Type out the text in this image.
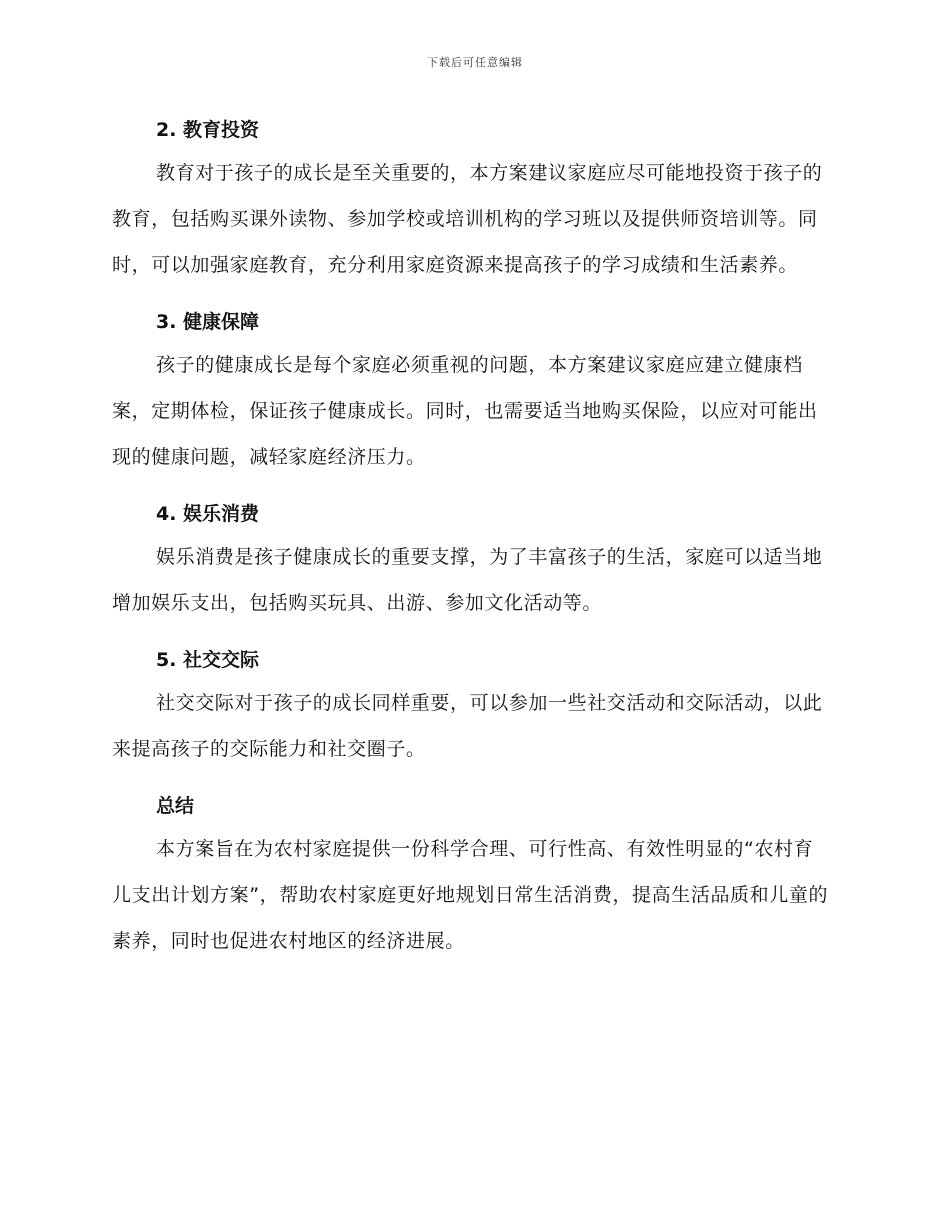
下载后可任意编辑
2. 教育投资

教育对于孩子的成长是至关重要的，本方案建议家庭应尽可能地投资于孩子的教育，包括购买课外读物、参加学校或培训机构的学习班以及提供师资培训等。同时，可以加强家庭教育，充分利用家庭资源来提高孩子的学习成绩和生活素养。

3. 健康保障

孩子的健康成长是每个家庭必须重视的问题，本方案建议家庭应建立健康档案，定期体检，保证孩子健康成长。同时，也需要适当地购买保险，以应对可能出现的健康问题，减轻家庭经济压力。

4. 娱乐消费

娱乐消费是孩子健康成长的重要支撑，为了丰富孩子的生活，家庭可以适当地增加娱乐支出，包括购买玩具、出游、参加文化活动等。

5. 社交交际

社交交际对于孩子的成长同样重要，可以参加一些社交活动和交际活动，以此来提高孩子的交际能力和社交圈子。

总结

本方案旨在为农村家庭提供一份科学合理、可行性高、有效性明显的“农村育儿支出计划方案”，帮助农村家庭更好地规划日常生活消费，提高生活品质和儿童的素养，同时也促进农村地区的经济进展。
